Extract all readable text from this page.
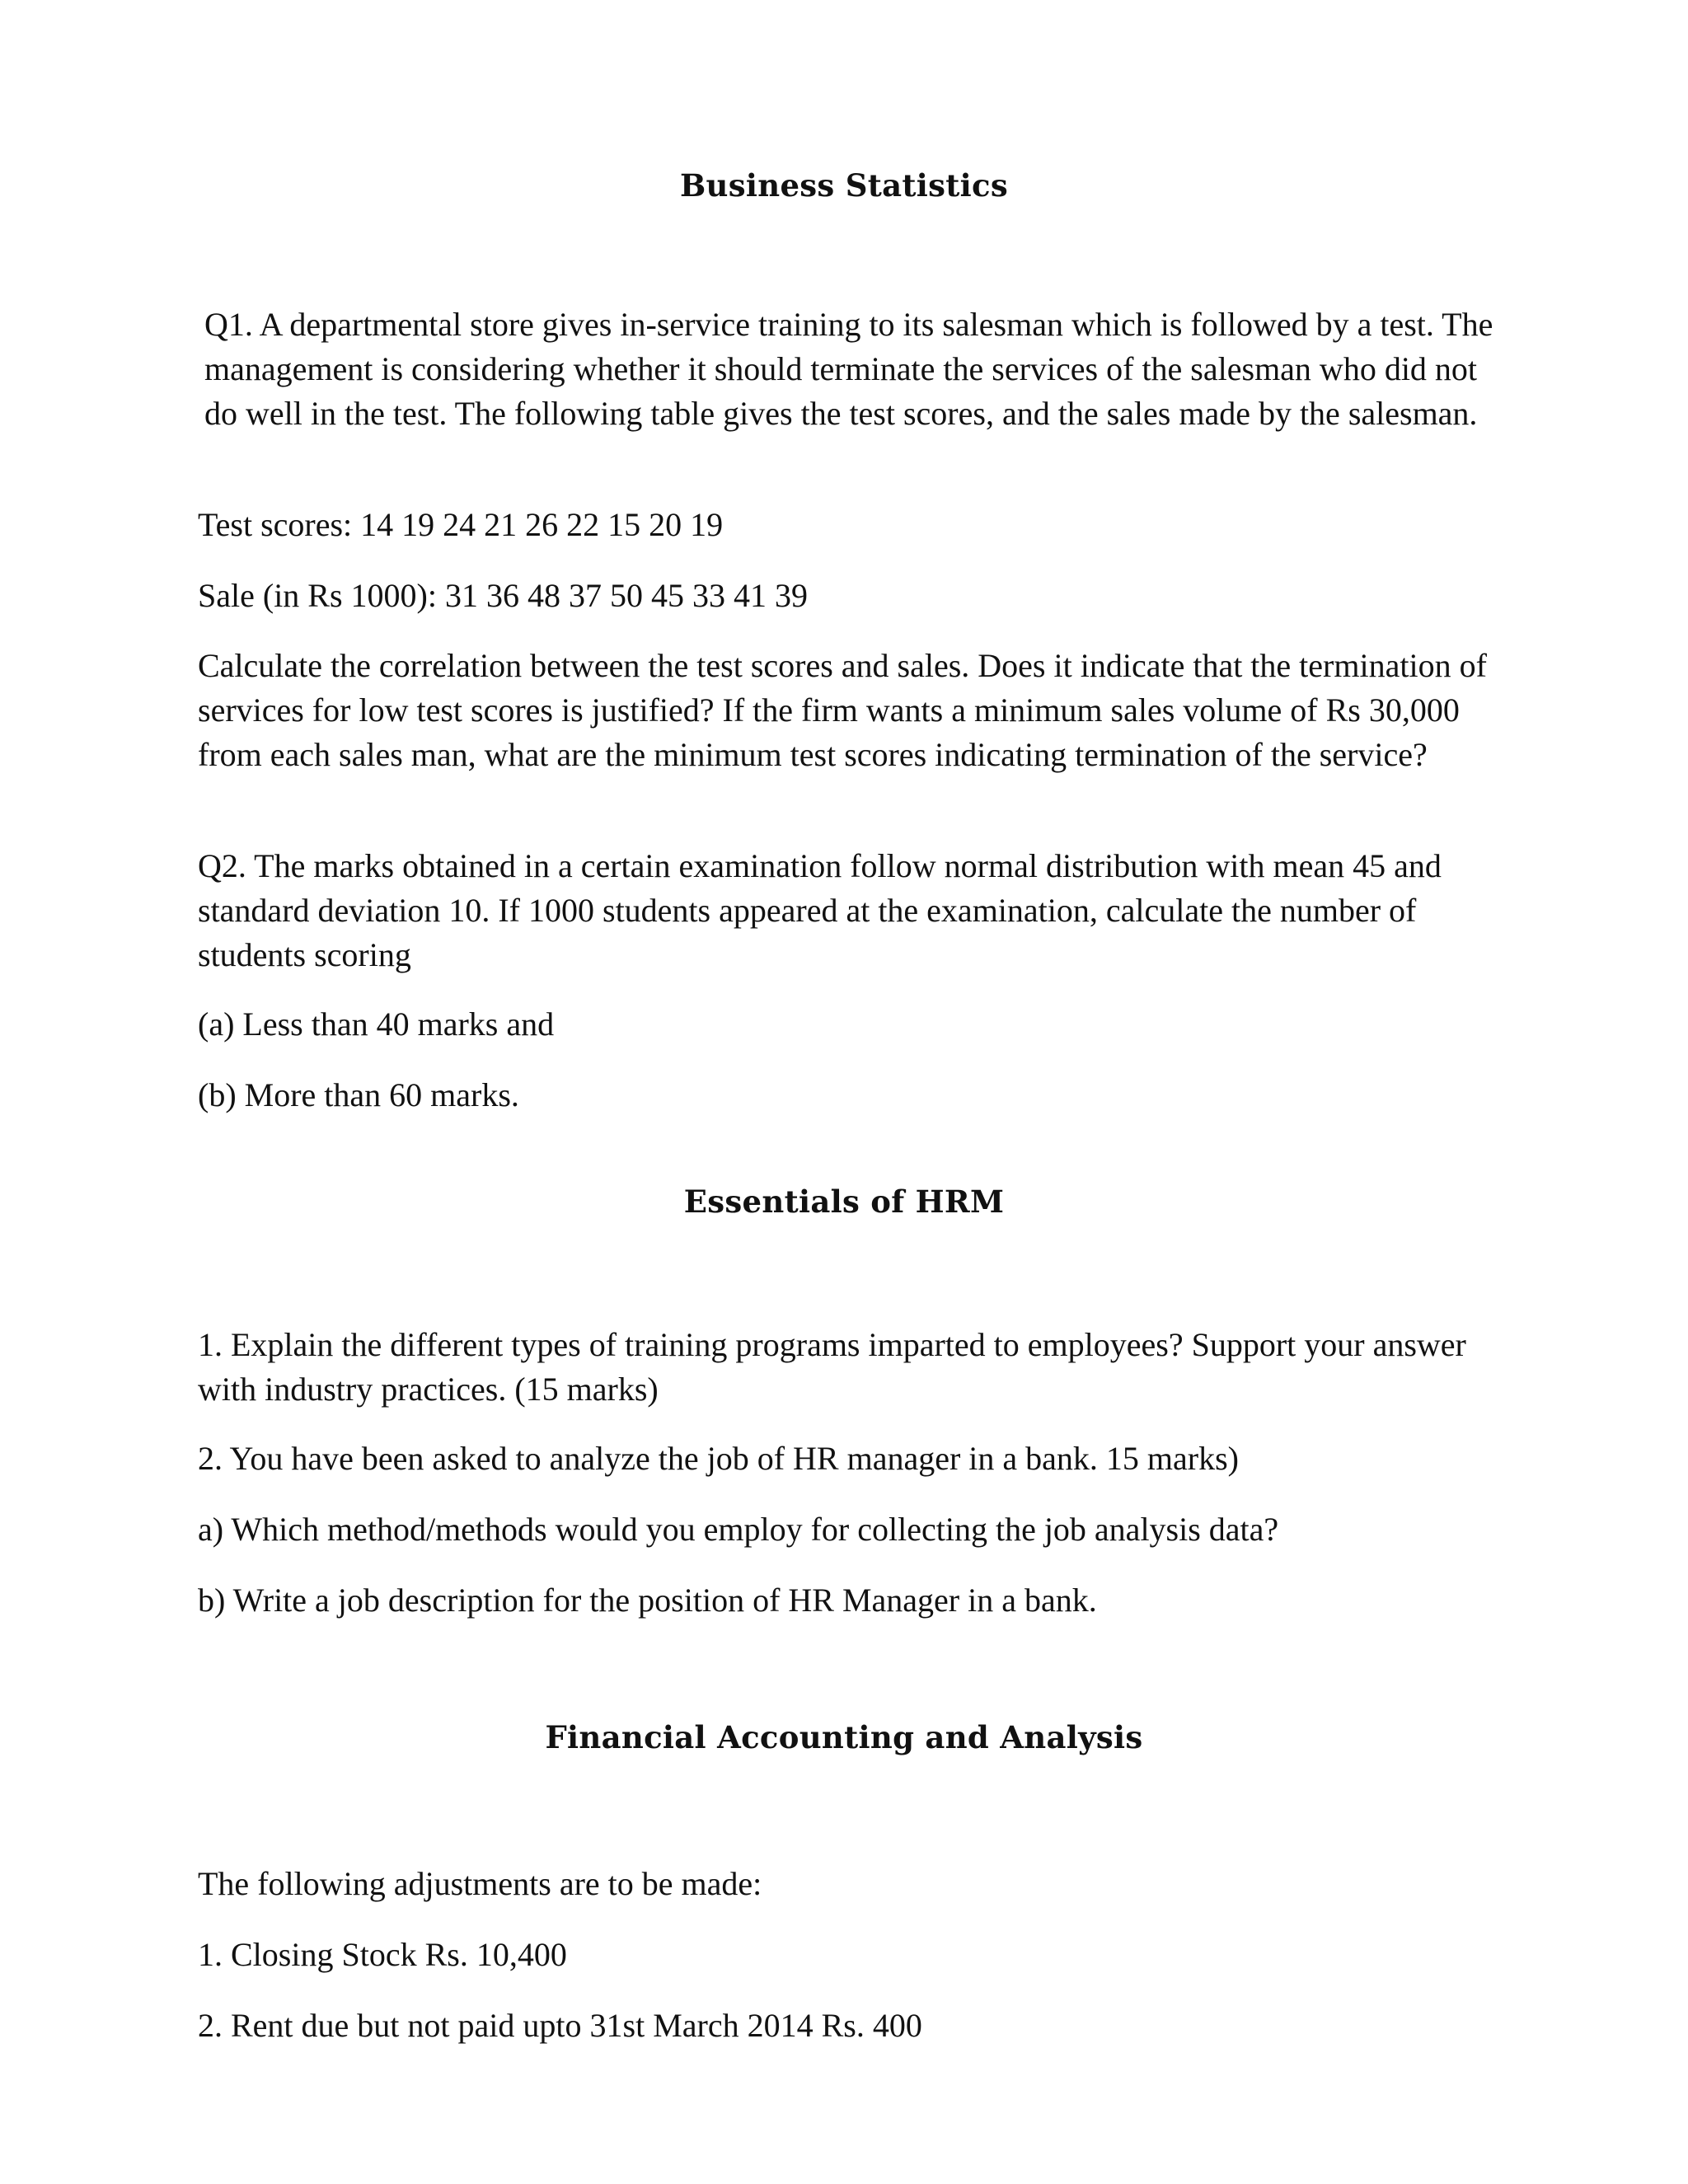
Business Statistics

Q1. A departmental store gives in-service training to its salesman which is followed by a test. The management is considering whether it should terminate the services of the salesman who did not do well in the test. The following table gives the test scores, and the sales made by the salesman.

Test scores: 14 19 24 21 26 22 15 20 19

Sale (in Rs 1000): 31 36 48 37 50 45 33 41 39

Calculate the correlation between the test scores and sales. Does it indicate that the termination of services for low test scores is justified? If the firm wants a minimum sales volume of Rs 30,000 from each sales man, what are the minimum test scores indicating termination of the service?

Q2. The marks obtained in a certain examination follow normal distribution with mean 45 and standard deviation 10. If 1000 students appeared at the examination, calculate the number of students scoring

(a) Less than 40 marks and

(b) More than 60 marks.

Essentials of HRM

1. Explain the different types of training programs imparted to employees? Support your answer with industry practices. (15 marks)

2. You have been asked to analyze the job of HR manager in a bank. 15 marks)

a) Which method/methods would you employ for collecting the job analysis data?

b) Write a job description for the position of HR Manager in a bank.

Financial Accounting and Analysis

The following adjustments are to be made:

1. Closing Stock Rs. 10,400

2. Rent due but not paid upto 31st March 2014 Rs. 400
